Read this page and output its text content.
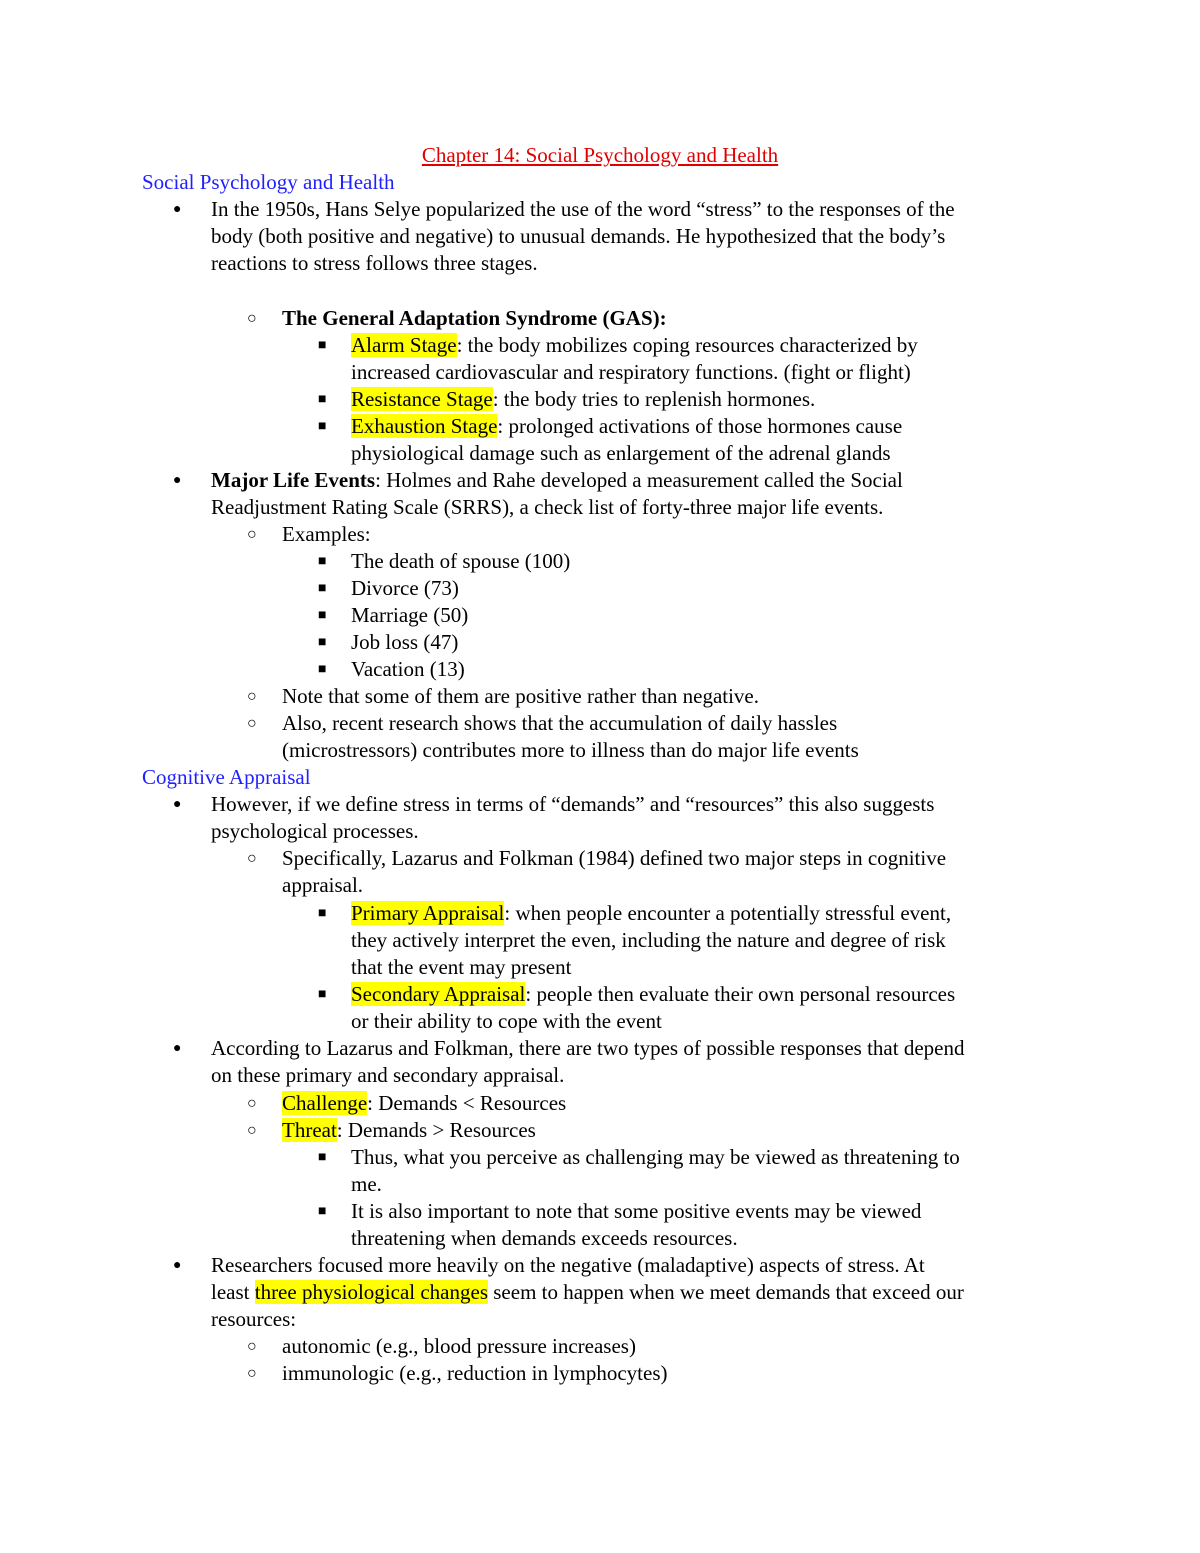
Chapter 14: Social Psychology and Health
Social Psychology and Health
●
In the 1950s, Hans Selye popularized the use of the word “stress” to the responses of the
body (both positive and negative) to unusual demands. He hypothesized that the body’s
reactions to stress follows three stages.
○
The General Adaptation Syndrome (GAS):
■
Alarm Stage: the body mobilizes coping resources characterized by
increased cardiovascular and respiratory functions. (fight or flight)
■
Resistance Stage: the body tries to replenish hormones.
■
Exhaustion Stage: prolonged activations of those hormones cause
physiological damage such as enlargement of the adrenal glands
●
Major Life Events: Holmes and Rahe developed a measurement called the Social
Readjustment Rating Scale (SRRS), a check list of forty-three major life events.
○
Examples:
■
The death of spouse (100)
■
Divorce (73)
■
Marriage (50)
■
Job loss (47)
■
Vacation (13)
○
Note that some of them are positive rather than negative.
○
Also, recent research shows that the accumulation of daily hassles
(microstressors) contributes more to illness than do major life events
Cognitive Appraisal
●
However, if we define stress in terms of “demands” and “resources” this also suggests
psychological processes.
○
Specifically, Lazarus and Folkman (1984) defined two major steps in cognitive
appraisal.
■
Primary Appraisal: when people encounter a potentially stressful event,
they actively interpret the even, including the nature and degree of risk
that the event may present
■
Secondary Appraisal: people then evaluate their own personal resources
or their ability to cope with the event
●
According to Lazarus and Folkman, there are two types of possible responses that depend
on these primary and secondary appraisal.
○
Challenge: Demands < Resources
○
Threat: Demands > Resources
■
Thus, what you perceive as challenging may be viewed as threatening to
me.
■
It is also important to note that some positive events may be viewed
threatening when demands exceeds resources.
●
Researchers focused more heavily on the negative (maladaptive) aspects of stress. At
least three physiological changes seem to happen when we meet demands that exceed our
resources:
○
autonomic (e.g., blood pressure increases)
○
immunologic (e.g., reduction in lymphocytes)
